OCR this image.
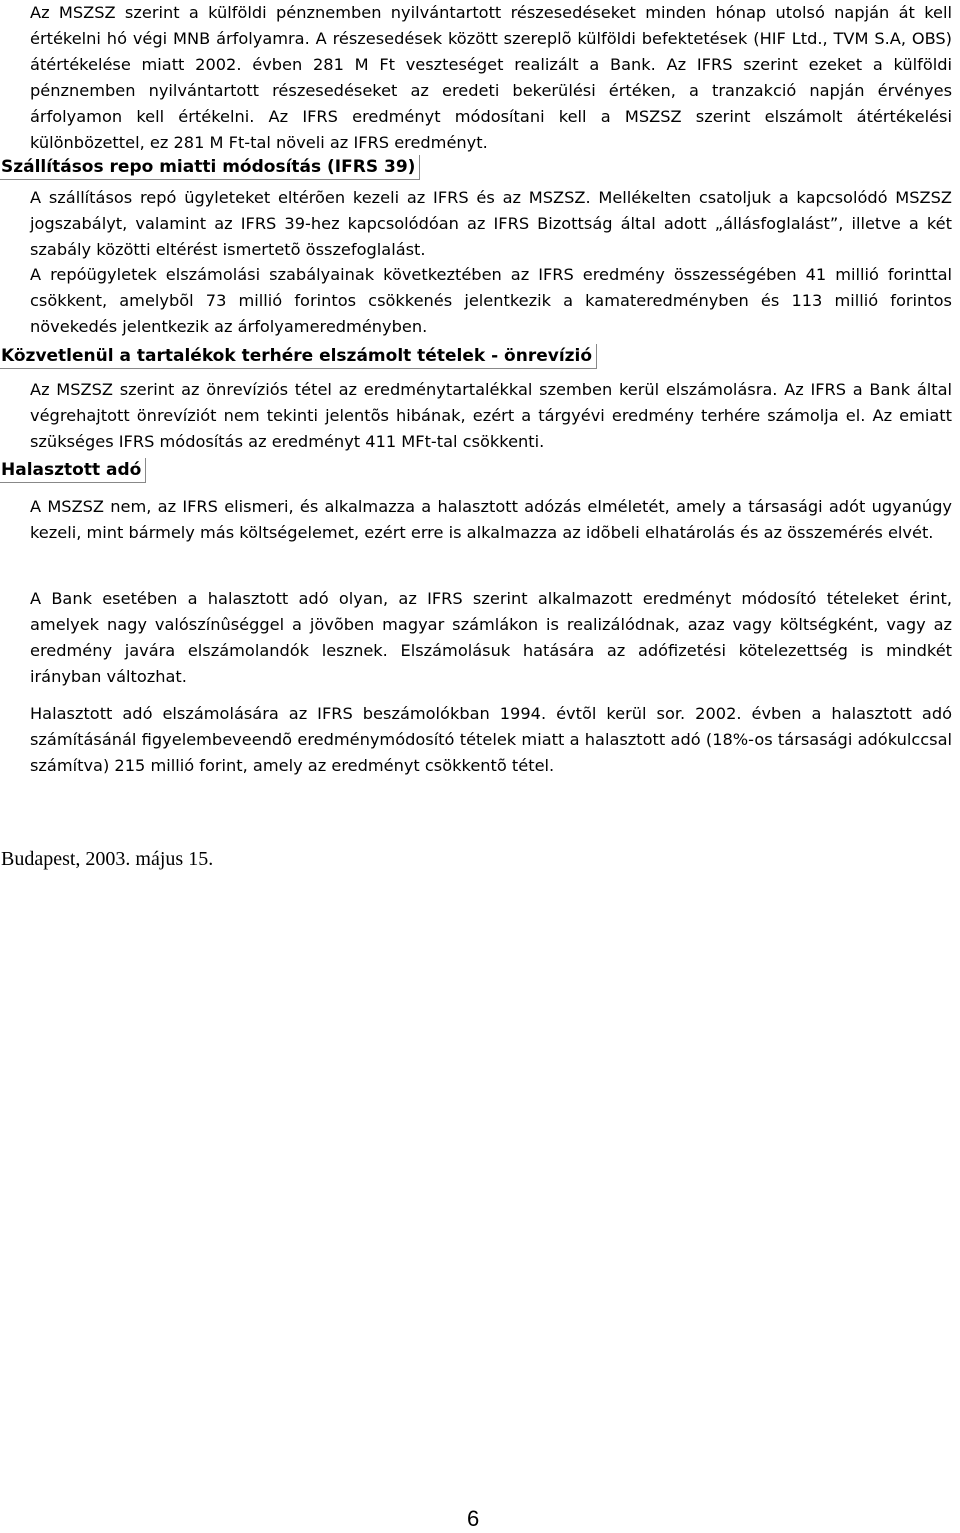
Az MSZSZ szerint a külföldi pénznemben nyilvántartott részesedéseket minden hónap utolsó napján át kell értékelni hó végi MNB árfolyamra. A részesedések között szereplõ külföldi befektetések (HIF Ltd., TVM S.A, OBS) átértékelése miatt 2002. évben 281 M Ft veszteséget realizált a Bank. Az IFRS szerint ezeket a külföldi pénznemben nyilvántartott részesedéseket az eredeti bekerülési értéken, a tranzakció napján érvényes árfolyamon kell értékelni. Az IFRS eredményt módosítani kell a MSZSZ szerint elszámolt átértékelési különbözettel, ez 281 M Ft-tal növeli az IFRS eredményt.

Szállításos repo miatti módosítás (IFRS 39)

A szállításos repó ügyleteket eltérõen kezeli az IFRS és az MSZSZ. Mellékelten csatoljuk a kapcsolódó MSZSZ jogszabályt, valamint az IFRS 39-hez kapcsolódóan az IFRS Bizottság által adott „állásfoglalást”, illetve a két szabály közötti eltérést ismertetõ összefoglalást.

A repóügyletek elszámolási szabályainak következtében az IFRS eredmény összességében 41 millió forinttal csökkent, amelybõl 73 millió forintos csökkenés jelentkezik a kamateredményben és 113 millió forintos növekedés jelentkezik az árfolyameredményben.

Közvetlenül a tartalékok terhére elszámolt tételek - önrevízió

Az MSZSZ szerint az önrevíziós tétel az eredménytartalékkal szemben kerül elszámolásra. Az IFRS a Bank által végrehajtott önrevíziót nem tekinti jelentõs hibának, ezért a tárgyévi eredmény terhére számolja el. Az emiatt szükséges IFRS módosítás az eredményt 411 MFt-tal csökkenti.

Halasztott adó

A MSZSZ nem, az IFRS elismeri, és alkalmazza a halasztott adózás elméletét, amely a társasági adót ugyanúgy kezeli, mint bármely más költségelemet, ezért erre is alkalmazza az idõbeli elhatárolás és az összemérés elvét.

A Bank esetében a halasztott adó olyan, az IFRS szerint alkalmazott eredményt módosító tételeket érint, amelyek nagy valószínûséggel a jövõben magyar számlákon is realizálódnak, azaz vagy költségként, vagy az eredmény javára elszámolandók lesznek. Elszámolásuk hatására az adófizetési kötelezettség is mindkét irányban változhat.

Halasztott adó elszámolására az IFRS beszámolókban 1994. évtõl kerül sor. 2002. évben a halasztott adó számításánál figyelembeveendõ eredménymódosító tételek miatt a halasztott adó (18%-os társasági adókulccsal számítva) 215 millió forint, amely az eredményt csökkentõ tétel.

Budapest, 2003. május 15.

6
